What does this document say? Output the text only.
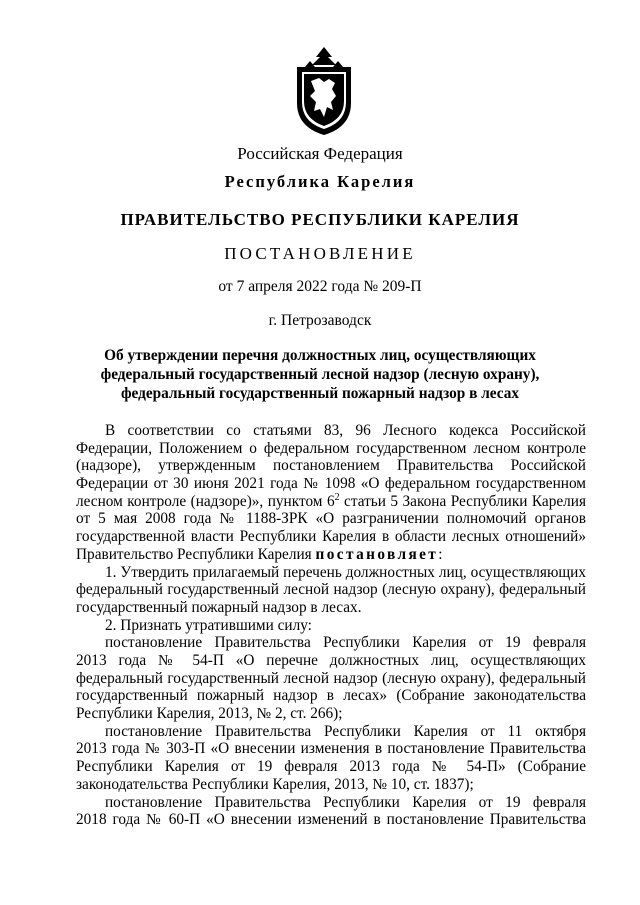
Российская Федерация
Республика Карелия
ПРАВИТЕЛЬСТВО РЕСПУБЛИКИ КАРЕЛИЯ
ПОСТАНОВЛЕНИЕ
от 7 апреля 2022 года № 209-П
г. Петрозаводск
Об утверждении перечня должностных лиц, осуществляющих
федеральный государственный лесной надзор (лесную охрану),
федеральный государственный пожарный надзор в лесах
В соответствии со статьями 83, 96 Лесного кодекса Российской
Федерации, Положением о федеральном государственном лесном контроле
(надзоре), утвержденным постановлением Правительства Российской
Федерации от 30 июня 2021 года № 1098 «О федеральном государственном
лесном контроле (надзоре)», пунктом $6^2$ статьи 5 Закона Республики Карелия
от 5 мая 2008 года № 1188-ЗРК «О разграничении полномочий органов
государственной власти Республики Карелия в области лесных отношений»
Правительство Республики Карелия постановляет:
1. Утвердить прилагаемый перечень должностных лиц, осуществляющих
федеральный государственный лесной надзор (лесную охрану), федеральный
государственный пожарный надзор в лесах.
2. Признать утратившими силу:
постановление Правительства Республики Карелия от 19 февраля
2013 года № 54-П «О перечне должностных лиц, осуществляющих
федеральный государственный лесной надзор (лесную охрану), федеральный
государственный пожарный надзор в лесах» (Собрание законодательства
Республики Карелия, 2013, № 2, ст. 266);
постановление Правительства Республики Карелия от 11 октября
2013 года № 303-П «О внесении изменения в постановление Правительства
Республики Карелия от 19 февраля 2013 года № 54-П» (Собрание
законодательства Республики Карелия, 2013, № 10, ст. 1837);
постановление Правительства Республики Карелия от 19 февраля
2018 года № 60-П «О внесении изменений в постановление Правительства
